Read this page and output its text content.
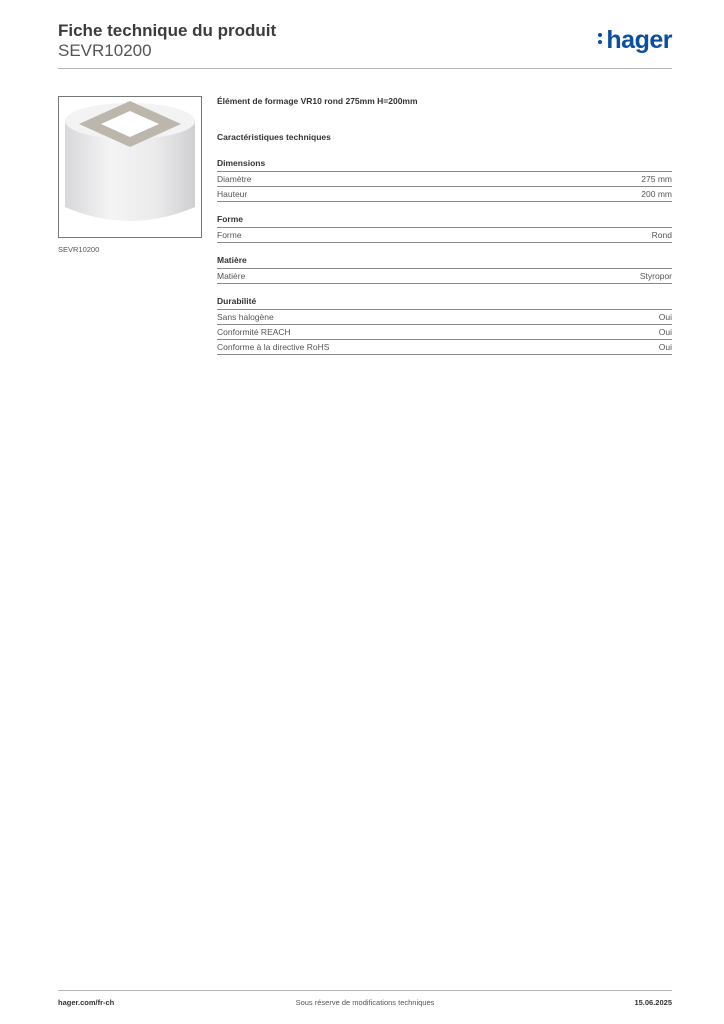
Fiche technique du produit
SEVR10200	hager
SEVR10200
Élément de formage VR10 rond 275mm H=200mm
Caractéristiques techniques
Dimensions
Diamètre	275 mm
Hauteur	200 mm
Forme
Forme	Rond
Matière
Matière	Styropor
Durabilité
Sans halogène	Oui
Conformité REACH	Oui
Conforme à la directive RoHS	Oui
hager.com/fr-ch	Sous réserve de modifications techniques	15.06.2025
